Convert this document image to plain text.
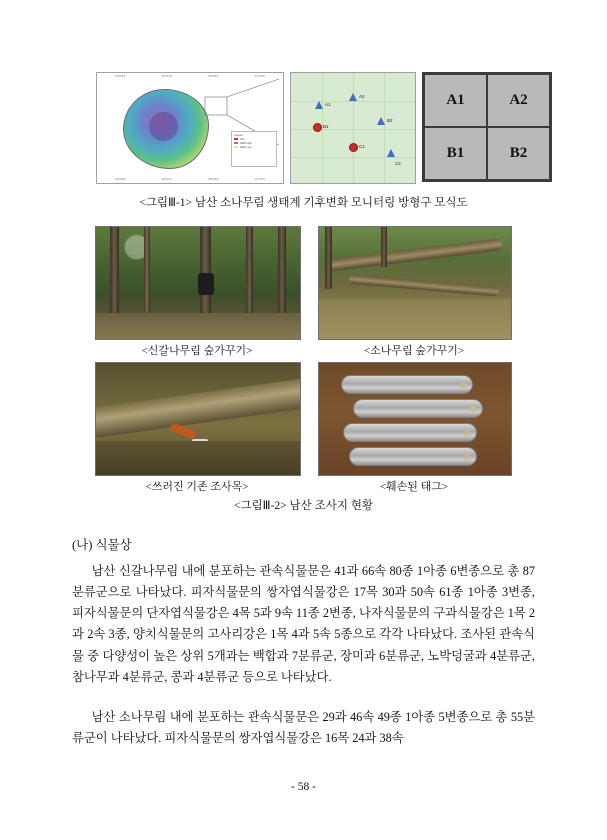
126°55'E	126°57'E	126°59'E	127°01'E
Legend
Site
DEM High
DEM Low
126°55'E	126°57'E	126°59'E	127°01'E
A1
A2
B1
B2
C1
C2
A1	A2
B1	B2
<그림Ⅲ-1> 남산 소나무림 생태계 기후변화 모니터링 방형구 모식도
<신갈나무림 숲가꾸기>	<소나무림 숲가꾸기>
<쓰러진 기존 조사목>	<훼손된 태그>
<그림Ⅲ-2> 남산 조사지 현황
(나) 식물상

남산 신갈나무림 내에 분포하는 관속식물문은 41과 66속 80종 1아종 6변종으로 총 87분류군으로 나타났다. 피자식물문의 쌍자엽식물강은 17목 30과 50속 61종 1아종 3변종, 피자식물문의 단자엽식물강은 4목 5과 9속 11종 2변종, 나자식물문의 구과식물강은 1목 2과 2속 3종, 양치식물문의 고사리강은 1목 4과 5속 5종으로 각각 나타났다. 조사된 관속식물 중 다양성이 높은 상위 5개과는 백합과 7분류군, 장미과 6분류군, 노박덩굴과 4분류군, 참나무과 4분류군, 콩과 4분류군 등으로 나타났다.

남산 소나무림 내에 분포하는 관속식물문은 29과 46속 49종 1아종 5변종으로 총 55분류군이 나타났다. 피자식물문의 쌍자엽식물강은 16목 24과 38속

- 58 -
